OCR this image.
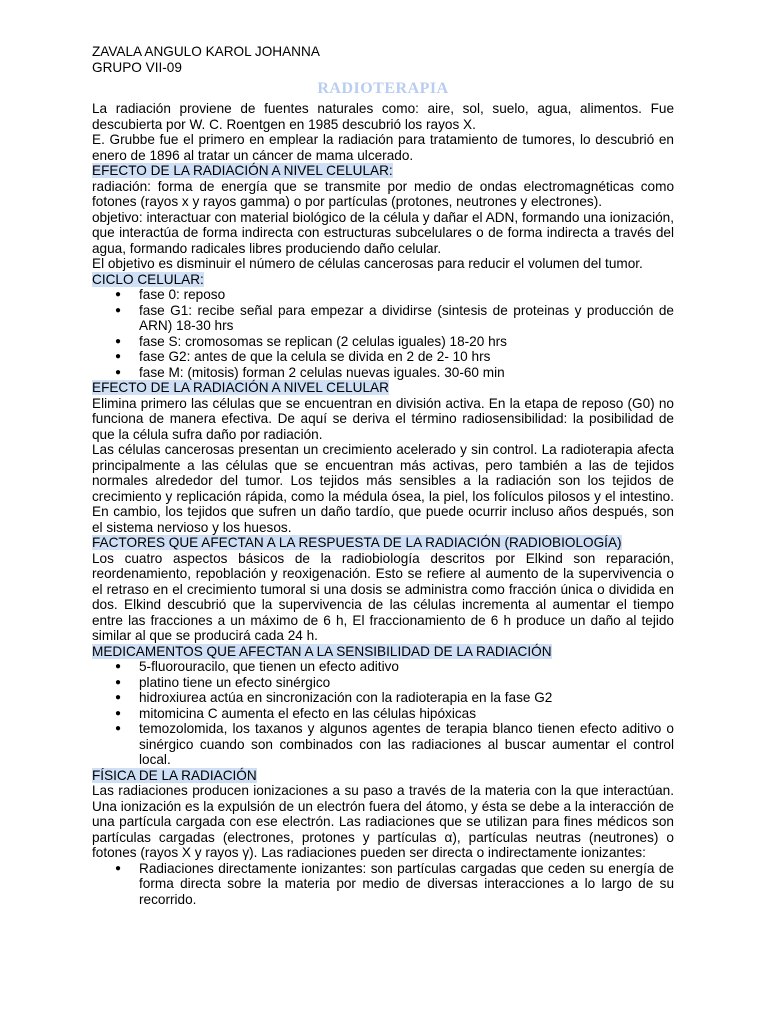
ZAVALA ANGULO KAROL JOHANNA

GRUPO VII-09

RADIOTERAPIA

La radiación proviene de fuentes naturales como: aire, sol, suelo, agua, alimentos. Fue descubierta por W. C. Roentgen en 1985 descubrió los rayos X.

E. Grubbe fue el primero en emplear la radiación para tratamiento de tumores, lo descubrió en enero de 1896 al tratar un cáncer de mama ulcerado.

EFECTO DE LA RADIACIÓN A NIVEL CELULAR:

radiación: forma de energía que se transmite por medio de ondas electromagnéticas como fotones (rayos x y rayos gamma) o por partículas (protones, neutrones y electrones).

objetivo: interactuar con material biológico de la célula y dañar el ADN, formando una ionización, que interactúa de forma indirecta con estructuras subcelulares o de forma indirecta a través del agua, formando radicales libres produciendo daño celular.

El objetivo es disminuir el número de células cancerosas para reducir el volumen del tumor.

CICLO CELULAR:
● fase 0: reposo
● fase G1: recibe señal para empezar a dividirse (sintesis de proteinas y producción de ARN) 18-30 hrs
● fase S: cromosomas se replican (2 celulas iguales) 18-20 hrs
● fase G2: antes de que la celula se divida en 2 de 2- 10 hrs
● fase M: (mitosis) forman 2 celulas nuevas iguales. 30-60 min
EFECTO DE LA RADIACIÓN A NIVEL CELULAR

Elimina primero las células que se encuentran en división activa. En la etapa de reposo (G0) no funciona de manera efectiva. De aquí se deriva el término radiosensibilidad: la posibilidad de que la célula sufra daño por radiación.

Las células cancerosas presentan un crecimiento acelerado y sin control. La radioterapia afecta principalmente a las células que se encuentran más activas, pero también a las de tejidos normales alrededor del tumor. Los tejidos más sensibles a la radiación son los tejidos de crecimiento y replicación rápida, como la médula ósea, la piel, los folículos pilosos y el intestino. En cambio, los tejidos que sufren un daño tardío, que puede ocurrir incluso años después, son el sistema nervioso y los huesos.

FACTORES QUE AFECTAN A LA RESPUESTA DE LA RADIACIÓN (RADIOBIOLOGÍA)

Los cuatro aspectos básicos de la radiobiología descritos por Elkind son reparación, reordenamiento, repoblación y reoxigenación. Esto se refiere al aumento de la supervivencia o el retraso en el crecimiento tumoral si una dosis se administra como fracción única o dividida en dos. Elkind descubrió que la supervivencia de las células incrementa al aumentar el tiempo entre las fracciones a un máximo de 6 h, El fraccionamiento de 6 h produce un daño al tejido similar al que se producirá cada 24 h.

MEDICAMENTOS QUE AFECTAN A LA SENSIBILIDAD DE LA RADIACIÓN
● 5-fluorouracilo, que tienen un efecto aditivo
● platino tiene un efecto sinérgico
● hidroxiurea actúa en sincronización con la radioterapia en la fase G2
● mitomicina C aumenta el efecto en las células hipóxicas
● temozolomida, los taxanos y algunos agentes de terapia blanco tienen efecto aditivo o sinérgico cuando son combinados con las radiaciones al buscar aumentar el control local.
FÍSICA DE LA RADIACIÓN

Las radiaciones producen ionizaciones a su paso a través de la materia con la que interactúan. Una ionización es la expulsión de un electrón fuera del átomo, y ésta se debe a la interacción de una partícula cargada con ese electrón. Las radiaciones que se utilizan para fines médicos son partículas cargadas (electrones, protones y partículas α), partículas neutras (neutrones) o fotones (rayos X y rayos γ). Las radiaciones pueden ser directa o indirectamente ionizantes:

● Radiaciones directamente ionizantes: son partículas cargadas que ceden su energía de forma directa sobre la materia por medio de diversas interacciones a lo largo de su recorrido.
